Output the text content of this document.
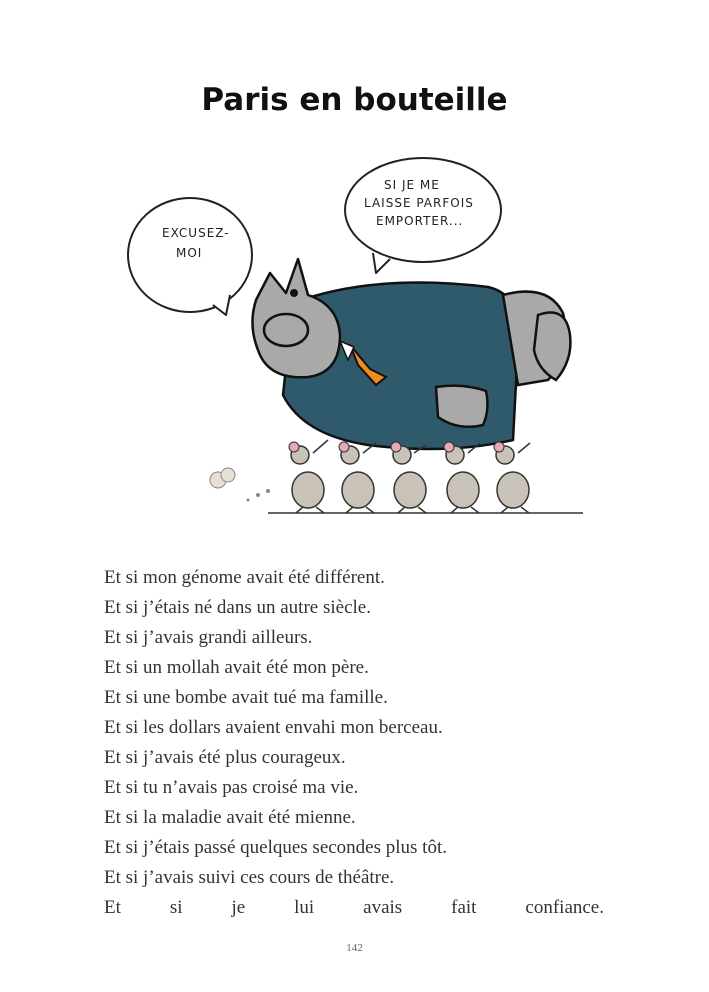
Paris en bouteille
EXCUSEZ-
MOI
SI JE ME
LAISSE PARFOIS
EMPORTER...
Et si mon génome avait été différent.
Et si j’étais né dans un autre siècle.
Et si j’avais grandi ailleurs.
Et si un mollah avait été mon père.
Et si une bombe avait tué ma famille.
Et si les dollars avaient envahi mon berceau.
Et si j’avais été plus courageux.
Et si tu n’avais pas croisé ma vie.
Et si la maladie avait été mienne.
Et si j’étais passé quelques secondes plus tôt.
Et si j’avais suivi ces cours de théâtre.
Et si je lui avais fait confiance.
142
